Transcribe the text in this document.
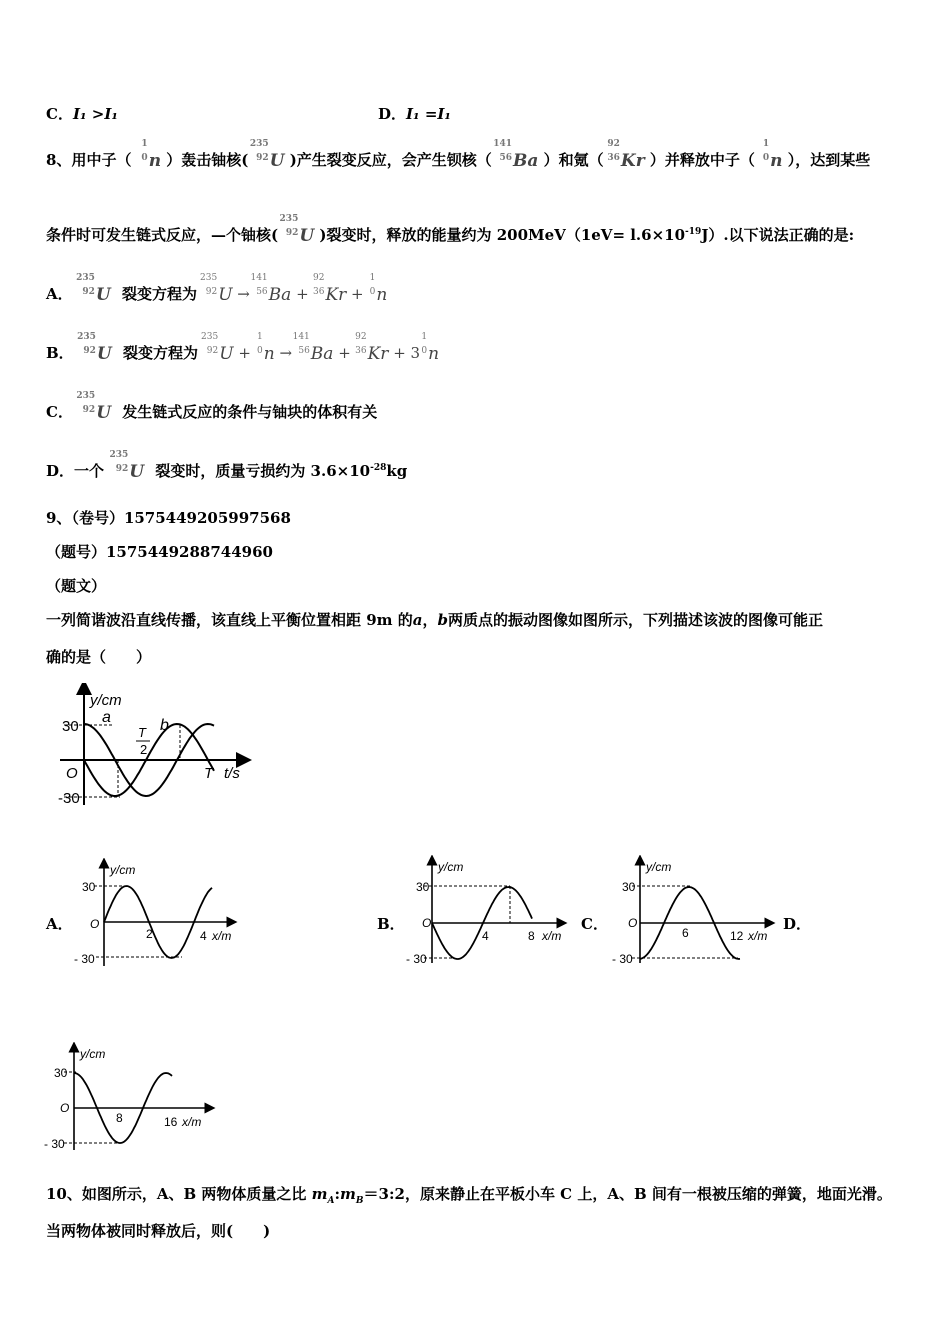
C．I₁ >I₁	D．I₁ =I₁
8、用中子（
1
0 n ）轰击铀核(
235
92 U )产生裂变反应，会产生钡核（
141
56 Ba ）和氪（
92
36 Kr ）并释放中子（
1
0 n ），达到某些
条件时可发生链式反应，—个铀核(
235
92 U )裂变时，释放的能量约为 $200MeV(1eV= l.6\times 10^{-19}J)$.以下说法正确的是:
A．
235
92 U 裂变方程为
235
92 U →
141
56 Ba +
92
36 Kr +
1
0 n
B．
235
92 U 裂变方程为
235
92 U +
1
0 n →
141
56 Ba +
92
36 Kr + 3
1
0 n
C．
235
92 U 发生链式反应的条件与铀块的体积有关
D．一个
235
92 U 裂变时，质量亏损约为 $3.6\times 10^{-28}kg$
9、（卷号）1575449205997568
（题号）1575449288744960
（题文）
一列简谐波沿直线传播，该直线上平衡位置相距 9m 的a，b两质点的振动图像如图所示，下列描述该波的图像可能正
确的是（　　）
y/cm
30
-30
O
a	b
T
2
T t/s
A．	B．	C．	D．
y/cm
30
- 30
O
2	4 x/m
y/cm
30
- 30
O
4	8 x/m
y/cm
30
- 30
O
6	12 x/m
y/cm
30
- 30
O
8	16 x/m
10、如图所示，A、B 两物体质量之比 $m_A:m_B=3:2$，原来静止在平板小车 C 上，A、B 间有一根被压缩的弹簧，地面光滑。
当两物体被同时释放后，则(　　)
